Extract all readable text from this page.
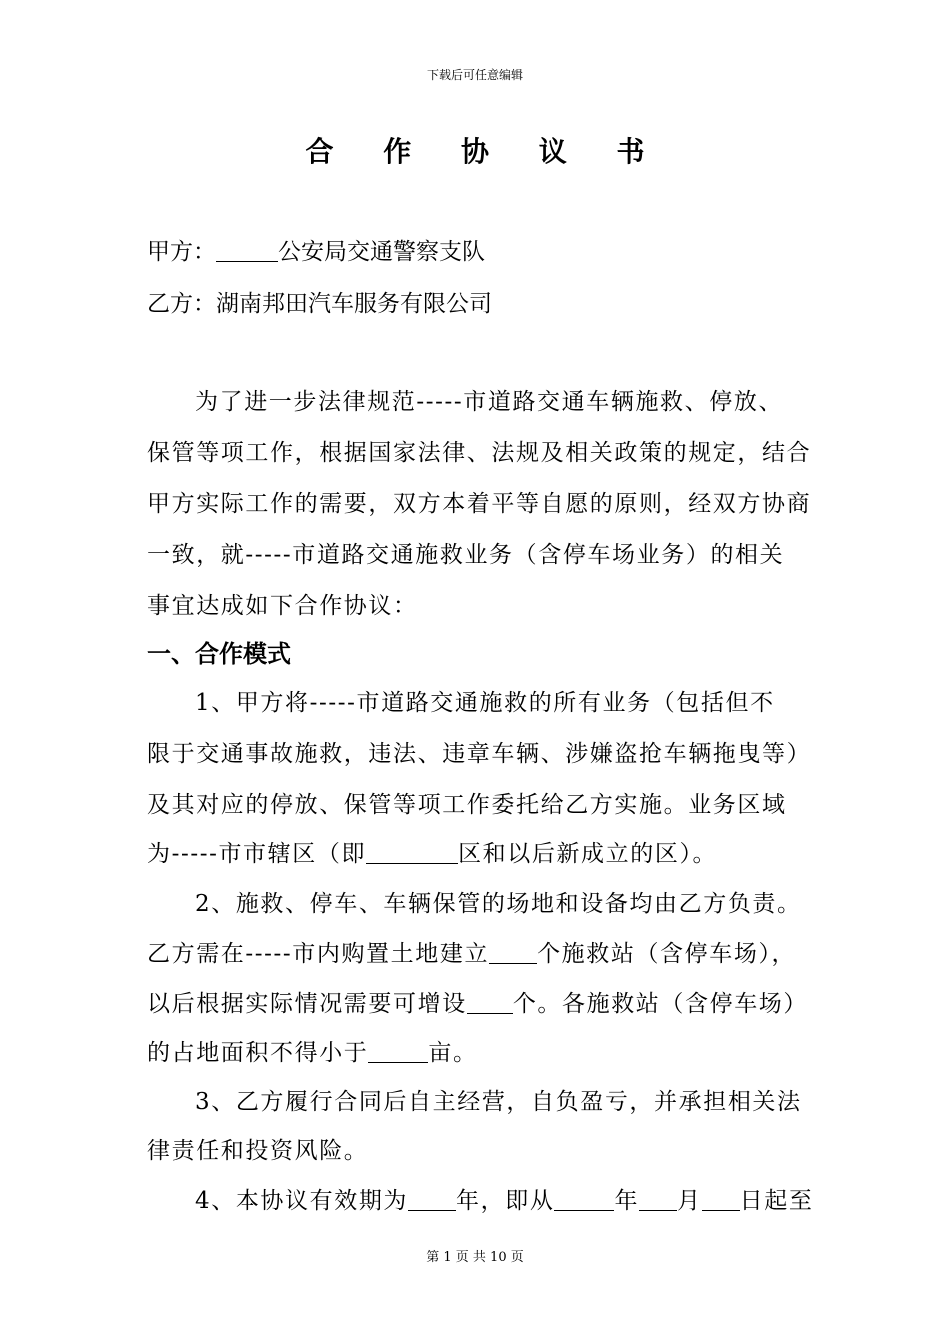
下载后可任意编辑
合 作 协 议 书
甲方：	公安局交通警察支队
乙方：湖南邦田汽车服务有限公司
为了进一步法律规范-----市道路交通车辆施救、停放、
保管等项工作，根据国家法律、法规及相关政策的规定，结合
甲方实际工作的需要，双方本着平等自愿的原则，经双方协商
一致，就-----市道路交通施救业务（含停车场业务）的相关
事宜达成如下合作协议：
一、合作模式
1、甲方将-----市道路交通施救的所有业务（包括但不
限于交通事故施救，违法、违章车辆、涉嫌盗抢车辆拖曳等）
及其对应的停放、保管等项工作委托给乙方实施。业务区域
为-----市市辖区（即	区和以后新成立的区）。
2、施救、停车、车辆保管的场地和设备均由乙方负责。
乙方需在-----市内购置土地建立 个施救站（含停车场），
以后根据实际情况需要可增设 个。各施救站（含停车场）
的占地面积不得小于	亩。
3、乙方履行合同后自主经营，自负盈亏，并承担相关法
律责任和投资风险。
4、本协议有效期为 年，即从	年 月 日起至
第 1 页 共 10 页
